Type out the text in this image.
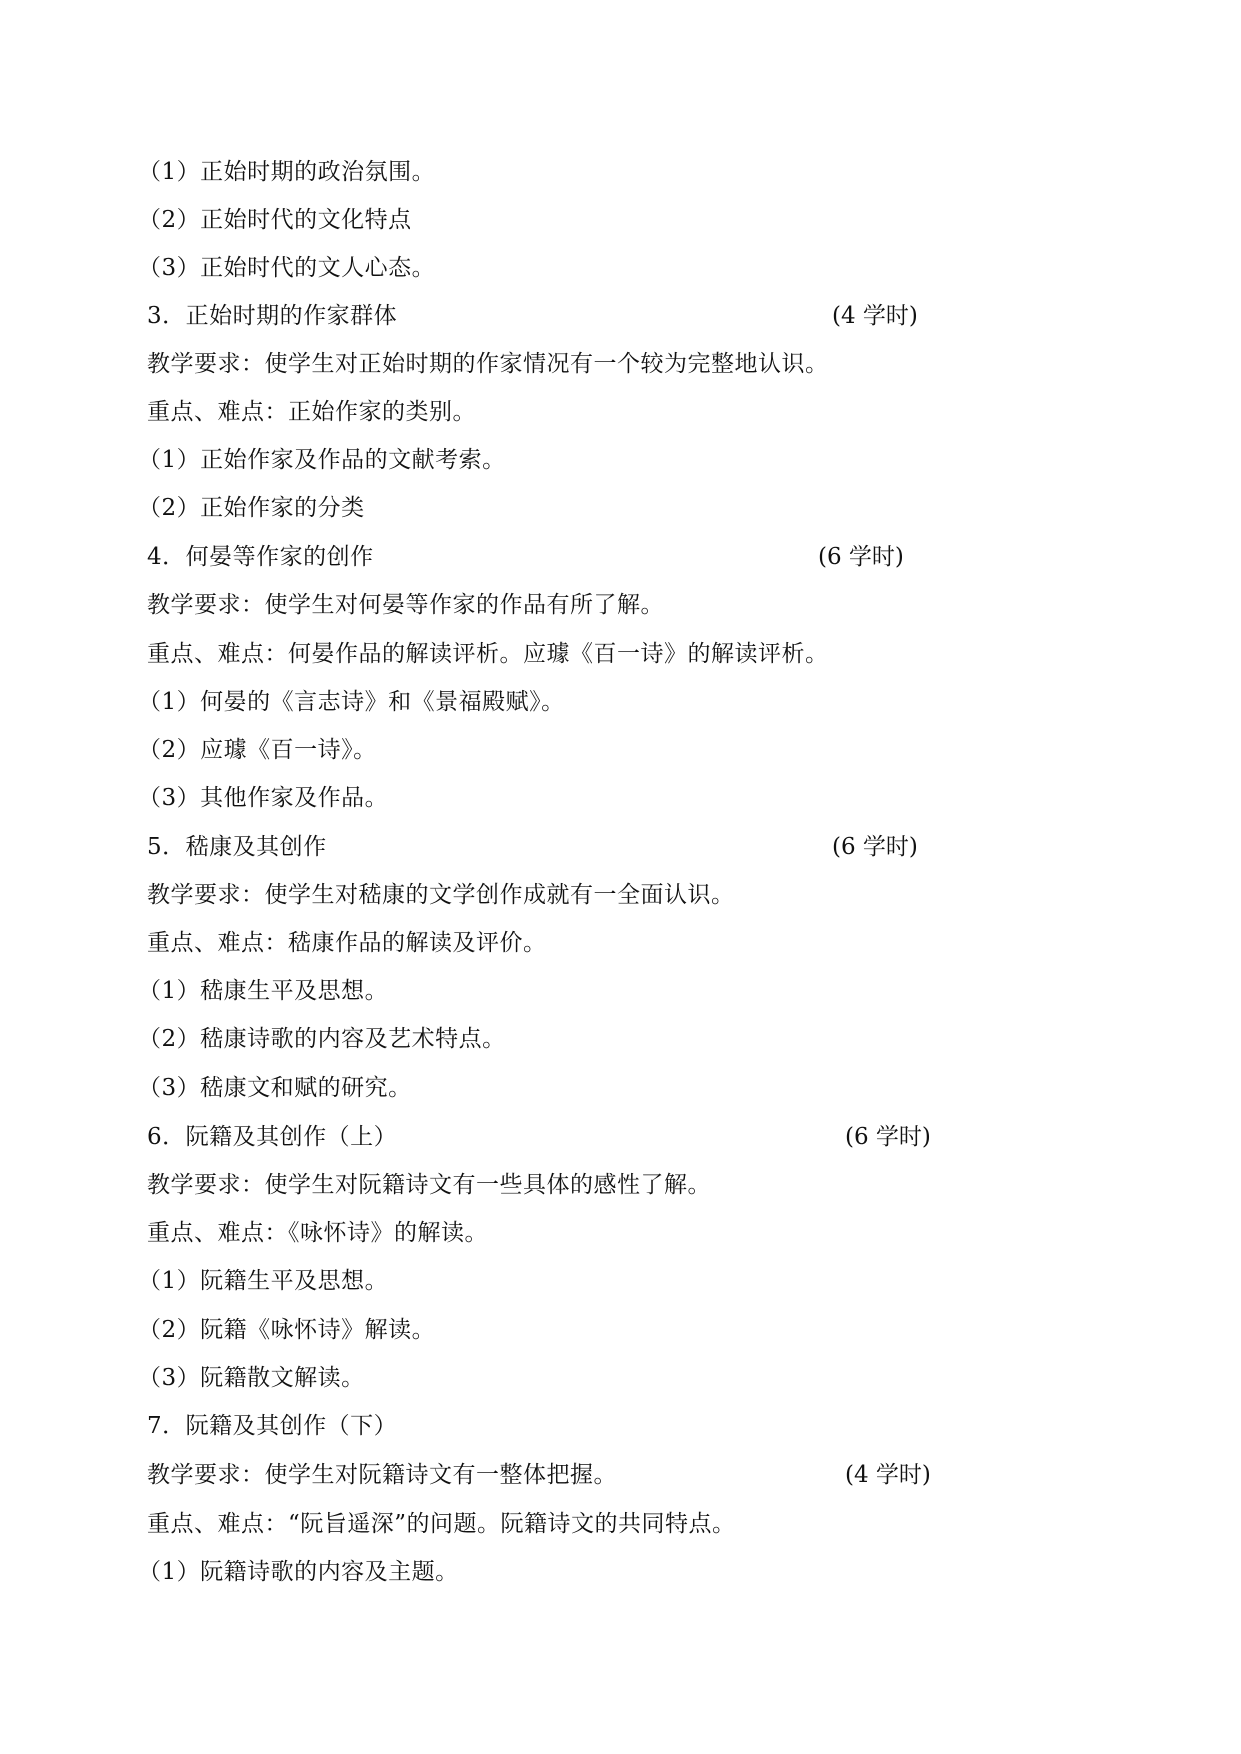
（1）正始时期的政治氛围。
（2）正始时代的文化特点
（3）正始时代的文人心态。
3．正始时期的作家群体	(4 学时)
教学要求：使学生对正始时期的作家情况有一个较为完整地认识。
重点、难点：正始作家的类别。
（1）正始作家及作品的文献考索。
（2）正始作家的分类
4．何晏等作家的创作	(6 学时)
教学要求：使学生对何晏等作家的作品有所了解。
重点、难点：何晏作品的解读评析。应璩《百一诗》的解读评析。
（1）何晏的《言志诗》和《景福殿赋》。
（2）应璩《百一诗》。
（3）其他作家及作品。
5．嵇康及其创作	(6 学时)
教学要求：使学生对嵇康的文学创作成就有一全面认识。
重点、难点：嵇康作品的解读及评价。
（1）嵇康生平及思想。
（2）嵇康诗歌的内容及艺术特点。
（3）嵇康文和赋的研究。
6．阮籍及其创作（上）	(6 学时)
教学要求：使学生对阮籍诗文有一些具体的感性了解。
重点、难点：《咏怀诗》的解读。
（1）阮籍生平及思想。
（2）阮籍《咏怀诗》解读。
（3）阮籍散文解读。
7．阮籍及其创作（下）
教学要求：使学生对阮籍诗文有一整体把握。	(4 学时)
重点、难点：“阮旨遥深”的问题。阮籍诗文的共同特点。
（1）阮籍诗歌的内容及主题。
